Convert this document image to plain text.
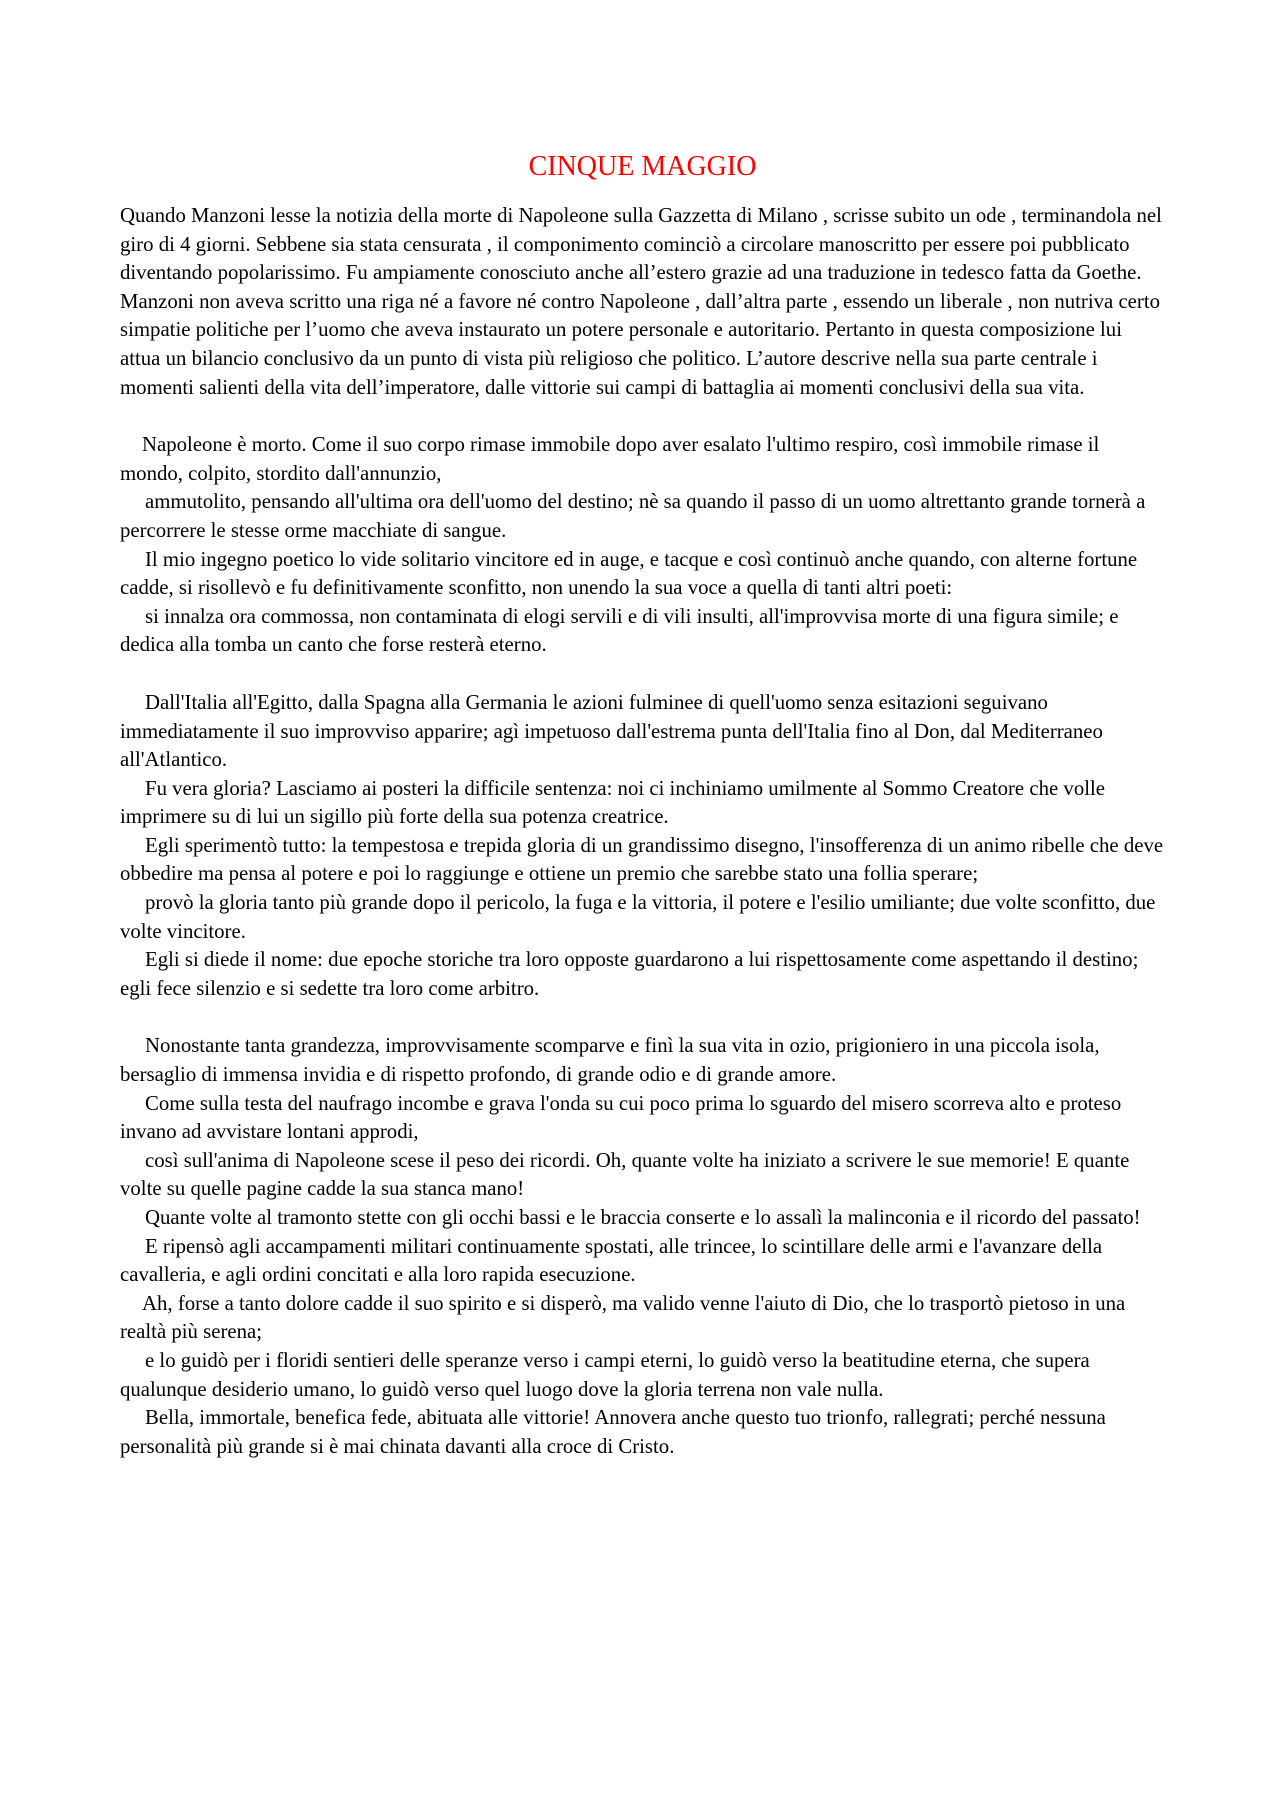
CINQUE MAGGIO

Quando Manzoni lesse la notizia della morte di Napoleone sulla Gazzetta di Milano , scrisse subito un ode , terminandola nel giro di 4 giorni. Sebbene sia stata censurata , il componimento cominciò a circolare manoscritto per essere poi pubblicato diventando popolarissimo. Fu ampiamente conosciuto anche all’estero grazie ad una traduzione in tedesco fatta da Goethe. Manzoni non aveva scritto una riga né a favore né contro Napoleone , dall’altra parte , essendo un liberale , non nutriva certo simpatie politiche per l’uomo che aveva instaurato un potere personale e autoritario. Pertanto in questa composizione lui attua un bilancio conclusivo da un punto di vista più religioso che politico. L’autore descrive nella sua parte centrale i momenti salienti della vita dell’imperatore, dalle vittorie sui campi di battaglia ai momenti conclusivi della sua vita.

Napoleone è morto. Come il suo corpo rimase immobile dopo aver esalato l'ultimo respiro, così immobile rimase il mondo, colpito, stordito dall'annunzio,

ammutolito, pensando all'ultima ora dell'uomo del destino; nè sa quando il passo di un uomo altrettanto grande tornerà a percorrere le stesse orme macchiate di sangue.

Il mio ingegno poetico lo vide solitario vincitore ed in auge, e tacque e così continuò anche quando, con alterne fortune cadde, si risollevò e fu definitivamente sconfitto, non unendo la sua voce a quella di tanti altri poeti:

si innalza ora commossa, non contaminata di elogi servili e di vili insulti, all'improvvisa morte di una figura simile; e dedica alla tomba un canto che forse resterà eterno.

Dall'Italia all'Egitto, dalla Spagna alla Germania le azioni fulminee di quell'uomo senza esitazioni seguivano immediatamente il suo improvviso apparire; agì impetuoso dall'estrema punta dell'Italia fino al Don, dal Mediterraneo all'Atlantico.

Fu vera gloria? Lasciamo ai posteri la difficile sentenza: noi ci inchiniamo umilmente al Sommo Creatore che volle imprimere su di lui un sigillo più forte della sua potenza creatrice.

Egli sperimentò tutto: la tempestosa e trepida gloria di un grandissimo disegno, l'insofferenza di un animo ribelle che deve obbedire ma pensa al potere e poi lo raggiunge e ottiene un premio che sarebbe stato una follia sperare;

provò la gloria tanto più grande dopo il pericolo, la fuga e la vittoria, il potere e l'esilio umiliante; due volte sconfitto, due volte vincitore.

Egli si diede il nome: due epoche storiche tra loro opposte guardarono a lui rispettosamente come aspettando il destino; egli fece silenzio e si sedette tra loro come arbitro.

Nonostante tanta grandezza, improvvisamente scomparve e finì la sua vita in ozio, prigioniero in una piccola isola, bersaglio di immensa invidia e di rispetto profondo, di grande odio e di grande amore.

Come sulla testa del naufrago incombe e grava l'onda su cui poco prima lo sguardo del misero scorreva alto e proteso invano ad avvistare lontani approdi,

così sull'anima di Napoleone scese il peso dei ricordi. Oh, quante volte ha iniziato a scrivere le sue memorie! E quante volte su quelle pagine cadde la sua stanca mano!

Quante volte al tramonto stette con gli occhi bassi e le braccia conserte e lo assalì la malinconia e il ricordo del passato!

E ripensò agli accampamenti militari continuamente spostati, alle trincee, lo scintillare delle armi e l'avanzare della cavalleria, e agli ordini concitati e alla loro rapida esecuzione.

Ah, forse a tanto dolore cadde il suo spirito e si disperò, ma valido venne l'aiuto di Dio, che lo trasportò pietoso in una realtà più serena;

e lo guidò per i floridi sentieri delle speranze verso i campi eterni, lo guidò verso la beatitudine eterna, che supera qualunque desiderio umano, lo guidò verso quel luogo dove la gloria terrena non vale nulla.

Bella, immortale, benefica fede, abituata alle vittorie! Annovera anche questo tuo trionfo, rallegrati; perché nessuna personalità più grande si è mai chinata davanti alla croce di Cristo.
